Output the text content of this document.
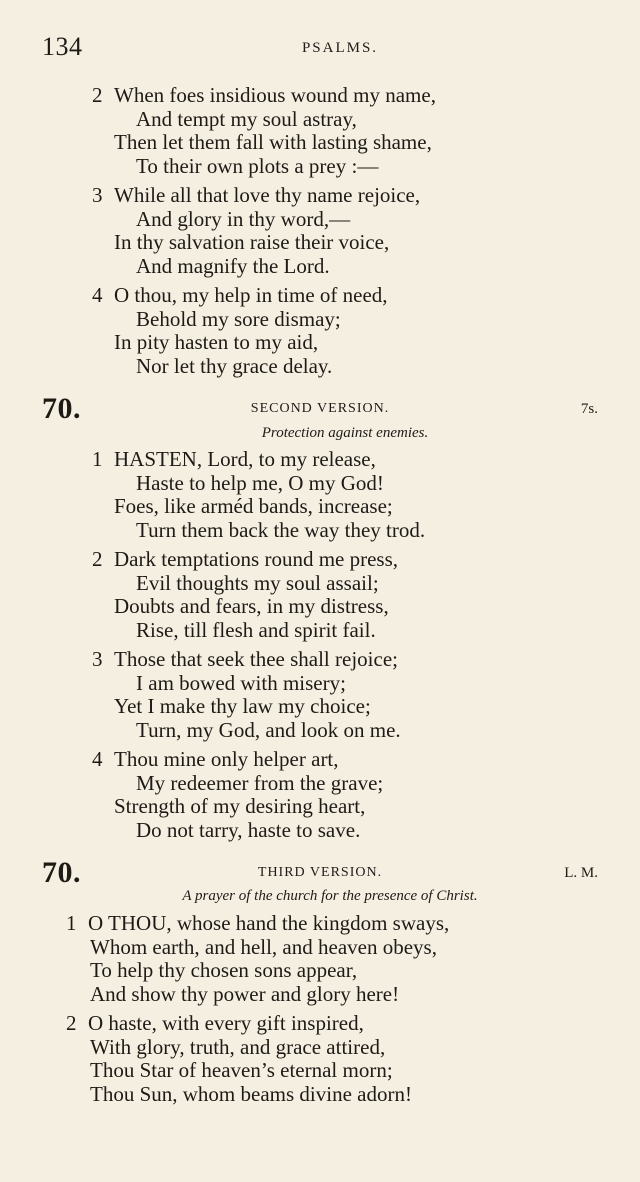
134	PSALMS.
2 When foes insidious wound my name,
And tempt my soul astray,
Then let them fall with lasting shame,
To their own plots a prey :—
3 While all that love thy name rejoice,
And glory in thy word,—
In thy salvation raise their voice,
And magnify the Lord.
4 O thou, my help in time of need,
Behold my sore dismay;
In pity hasten to my aid,
Nor let thy grace delay.
70.	SECOND VERSION.	7s.
Protection against enemies.
1 HASTEN, Lord, to my release,
Haste to help me, O my God!
Foes, like arméd bands, increase;
Turn them back the way they trod.
2 Dark temptations round me press,
Evil thoughts my soul assail;
Doubts and fears, in my distress,
Rise, till flesh and spirit fail.
3 Those that seek thee shall rejoice;
I am bowed with misery;
Yet I make thy law my choice;
Turn, my God, and look on me.
4 Thou mine only helper art,
My redeemer from the grave;
Strength of my desiring heart,
Do not tarry, haste to save.
70.	THIRD VERSION.	L. M.
A prayer of the church for the presence of Christ.
1 O THOU, whose hand the kingdom sways,
Whom earth, and hell, and heaven obeys,
To help thy chosen sons appear,
And show thy power and glory here!
2 O haste, with every gift inspired,
With glory, truth, and grace attired,
Thou Star of heaven’s eternal morn;
Thou Sun, whom beams divine adorn!
